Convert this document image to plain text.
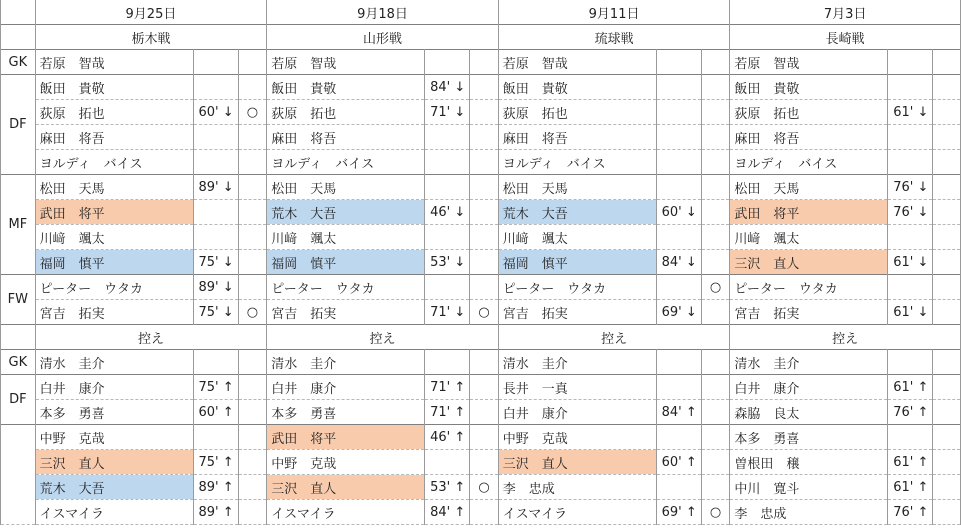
	9月25日			9月18日			9月11日			7月3日		
	栃木戦			山形戦			琉球戦			長崎戦		
GK	若原　智哉			若原　智哉			若原　智哉			若原　智哉		
DF	飯田　貴敬			飯田　貴敬	84' ↓		飯田　貴敬			飯田　貴敬		
	荻原　拓也	60' ↓	○	荻原　拓也	71' ↓		荻原　拓也			荻原　拓也	61' ↓	
	麻田　将吾			麻田　将吾			麻田　将吾			麻田　将吾		
	ヨルディ　バイス			ヨルディ　バイス			ヨルディ　バイス			ヨルディ　バイス		
MF	松田　天馬	89' ↓		松田　天馬			松田　天馬			松田　天馬	76' ↓	
	武田　将平			荒木　大吾	46' ↓		荒木　大吾	60' ↓		武田　将平	76' ↓	
	川﨑　颯太			川﨑　颯太			川﨑　颯太			川﨑　颯太		
	福岡　慎平	75' ↓		福岡　慎平	53' ↓		福岡　慎平	84' ↓		三沢　直人	61' ↓	
FW	ピーター　ウタカ	89' ↓		ピーター　ウタカ			ピーター　ウタカ		○	ピーター　ウタカ		
	宮吉　拓実	75' ↓	○	宮吉　拓実	71' ↓	○	宮吉　拓実	69' ↓		宮吉　拓実	61' ↓	
	控え			控え			控え			控え		
GK	清水　圭介			清水　圭介			清水　圭介			清水　圭介		
DF	白井　康介	75' ↑		白井　康介	71' ↑		長井　一真			白井　康介	61' ↑	
	本多　勇喜	60' ↑		本多　勇喜	71' ↑		白井　康介	84' ↑		森脇　良太	76' ↑	
	中野　克哉			武田　将平	46' ↑		中野　克哉			本多　勇喜		
	三沢　直人	75' ↑		中野　克哉			三沢　直人	60' ↑		曽根田　穣	61' ↑	
	荒木　大吾	89' ↑		三沢　直人	53' ↑	○	李　忠成			中川　寛斗	61' ↑	
	イスマイラ	89' ↑		イスマイラ	84' ↑		イスマイラ	69' ↑	○	李　忠成	76' ↑	
